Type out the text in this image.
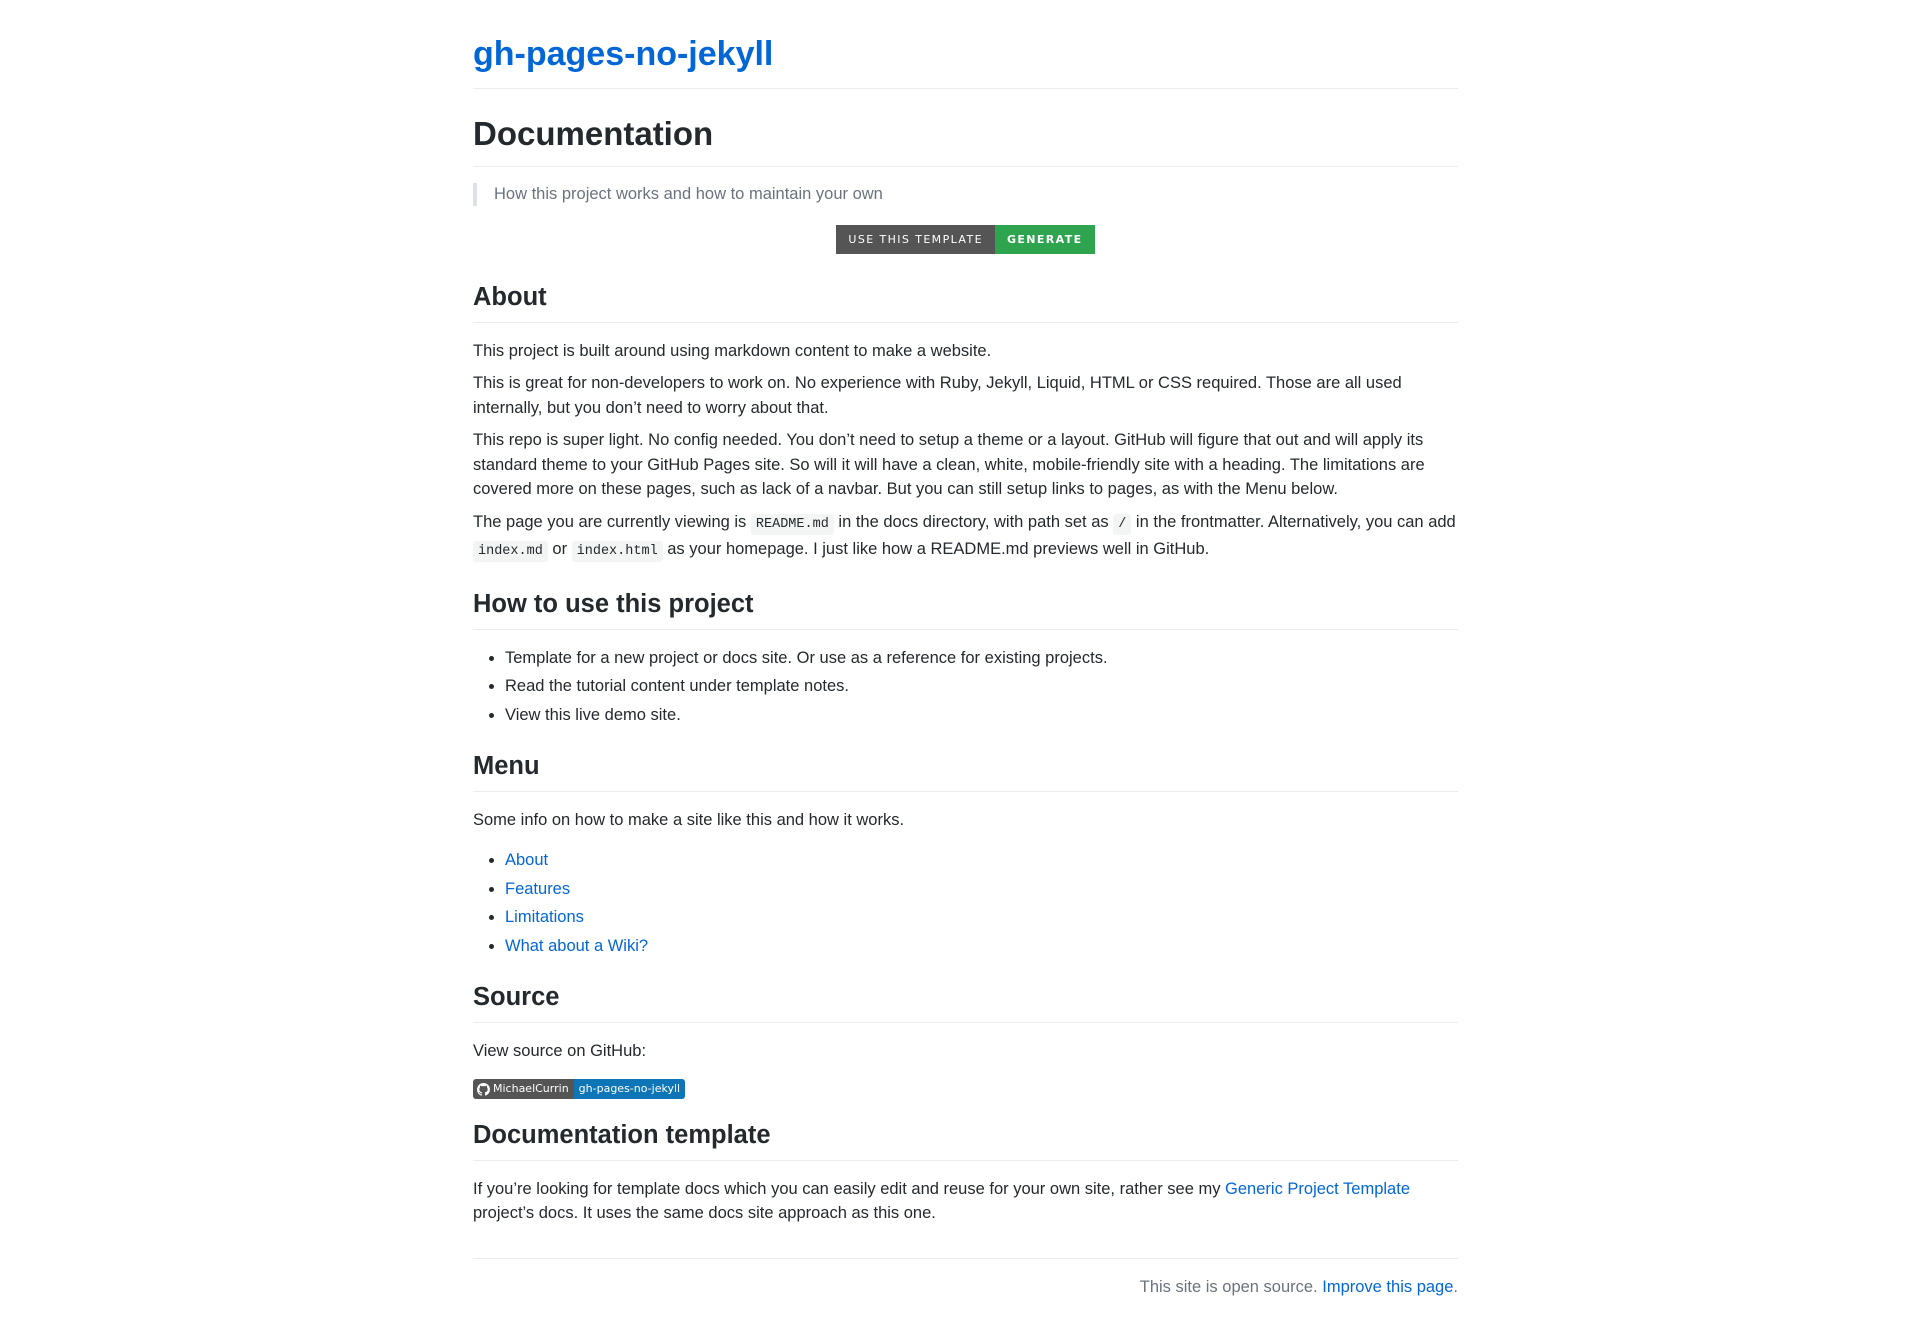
gh-pages-no-jekyll
Documentation
How this project works and how to maintain your own
USE THIS TEMPLATE	GENERATE
About

This project is built around using markdown content to make a website.

This is great for non-developers to work on. No experience with Ruby, Jekyll, Liquid, HTML or CSS required. Those are all used internally, but you don’t need to worry about that.

This repo is super light. No config needed. You don’t need to setup a theme or a layout. GitHub will figure that out and will apply its standard theme to your GitHub Pages site. So will it will have a clean, white, mobile-friendly site with a heading. The limitations are covered more on these pages, such as lack of a navbar. But you can still setup links to pages, as with the Menu below.

The page you are currently viewing is README.md in the docs directory, with path set as / in the frontmatter. Alternatively, you can add index.md or index.html as your homepage. I just like how a README.md previews well in GitHub.

How to use this project
• Template for a new project or docs site. Or use as a reference for existing projects.
• Read the tutorial content under template notes.
• View this live demo site.
Menu

Some info on how to make a site like this and how it works.

• About
• Features
• Limitations
• What about a Wiki?
Source

View source on GitHub:

MichaelCurrin gh-pages-no-jekyll
Documentation template

If you’re looking for template docs which you can easily edit and reuse for your own site, rather see my Generic Project Template project’s docs. It uses the same docs site approach as this one.

This site is open source. Improve this page.
